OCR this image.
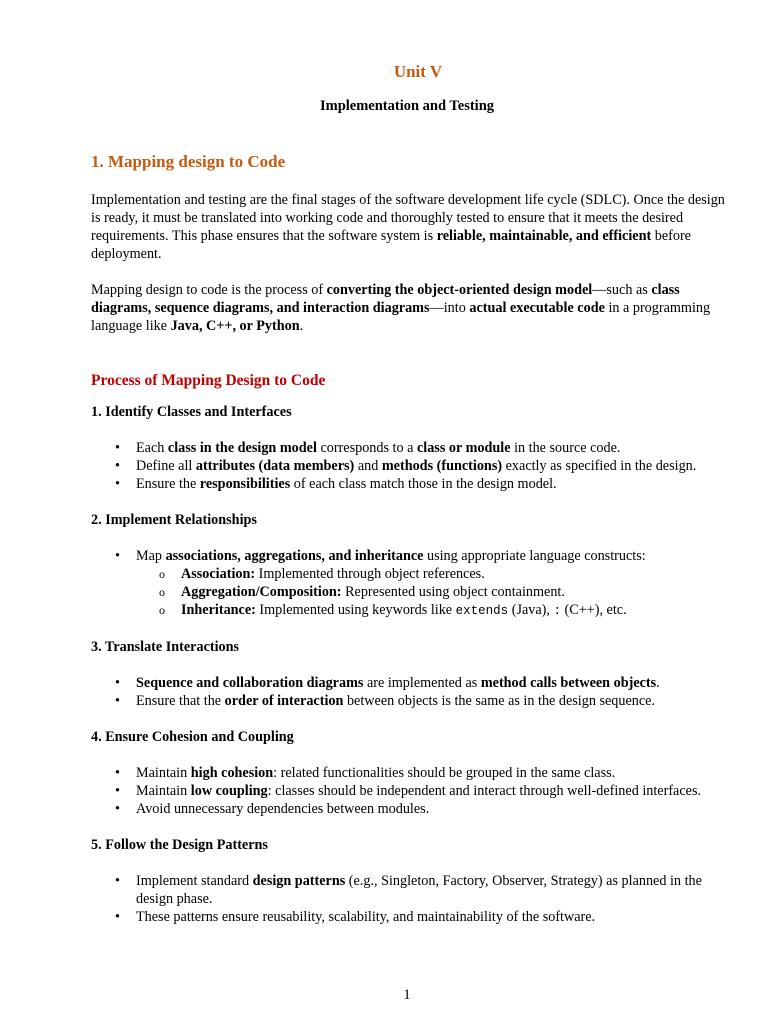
Unit V
Implementation and Testing
1. Mapping design to Code

Implementation and testing are the final stages of the software development life cycle (SDLC). Once the design is ready, it must be translated into working code and thoroughly tested to ensure that it meets the desired requirements. This phase ensures that the software system is reliable, maintainable, and efficient before deployment.

Mapping design to code is the process of converting the object-oriented design model—such as class diagrams, sequence diagrams, and interaction diagrams—into actual executable code in a programming language like Java, C++, or Python.

Process of Mapping Design to Code
1. Identify Classes and Interfaces
• Each class in the design model corresponds to a class or module in the source code.
• Define all attributes (data members) and methods (functions) exactly as specified in the design.
• Ensure the responsibilities of each class match those in the design model.
2. Implement Relationships
• Map associations, aggregations, and inheritance using appropriate language constructs:
o Association: Implemented through object references.
o Aggregation/Composition: Represented using object containment.
o Inheritance: Implemented using keywords like extends (Java), : (C++), etc.
3. Translate Interactions
• Sequence and collaboration diagrams are implemented as method calls between objects.
• Ensure that the order of interaction between objects is the same as in the design sequence.
4. Ensure Cohesion and Coupling
• Maintain high cohesion: related functionalities should be grouped in the same class.
• Maintain low coupling: classes should be independent and interact through well-defined interfaces.
• Avoid unnecessary dependencies between modules.
5. Follow the Design Patterns
• Implement standard design patterns (e.g., Singleton, Factory, Observer, Strategy) as planned in the design phase.
• These patterns ensure reusability, scalability, and maintainability of the software.
1
